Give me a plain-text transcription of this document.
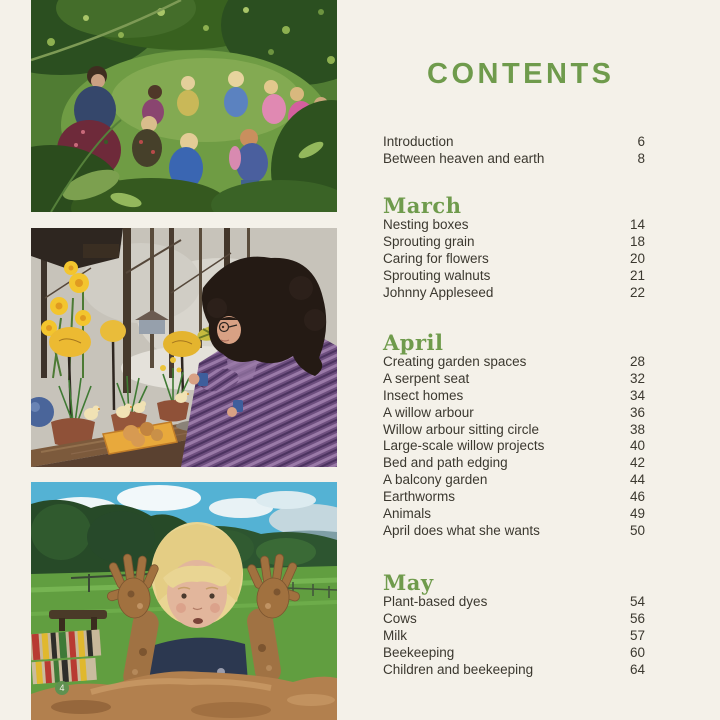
4
CONTENTS
Introduction	6
Between heaven and earth	8
March
Nesting boxes	14
Sprouting grain	18
Caring for flowers	20
Sprouting walnuts	21
Johnny Appleseed	22
April
Creating garden spaces	28
A serpent seat	32
Insect homes	34
A willow arbour	36
Willow arbour sitting circle	38
Large-scale willow projects	40
Bed and path edging	42
A balcony garden	44
Earthworms	46
Animals	49
April does what she wants	50
May
Plant-based dyes	54
Cows	56
Milk	57
Beekeeping	60
Children and beekeeping	64
